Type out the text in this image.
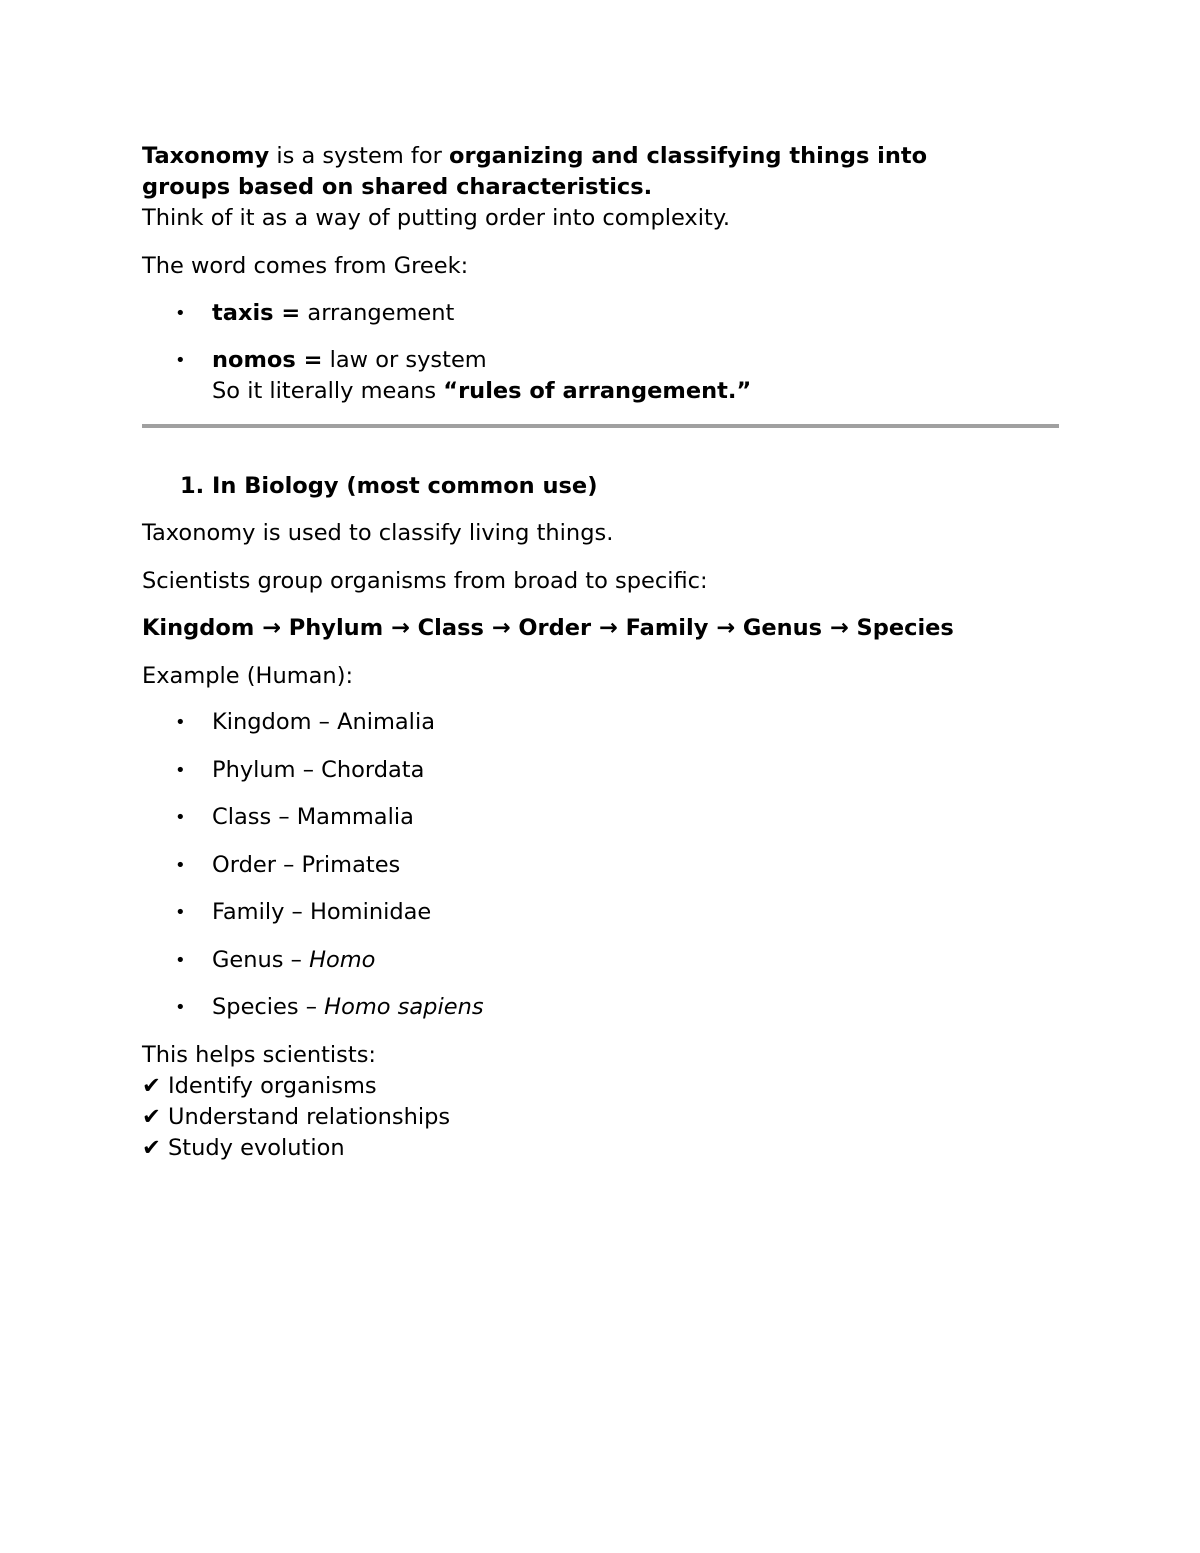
Taxonomy is a system for organizing and classifying things into
groups based on shared characteristics.
Think of it as a way of putting order into complexity.
The word comes from Greek:
• taxis = arrangement
• nomos = law or system
So it literally means “rules of arrangement.”
1. In Biology (most common use)
Taxonomy is used to classify living things.
Scientists group organisms from broad to specific:
Kingdom → Phylum → Class → Order → Family → Genus → Species
Example (Human):
• Kingdom – Animalia
• Phylum – Chordata
• Class – Mammalia
• Order – Primates
• Family – Hominidae
• Genus – Homo
• Species – Homo sapiens
This helps scientists:
✔ Identify organisms
✔ Understand relationships
✔ Study evolution
